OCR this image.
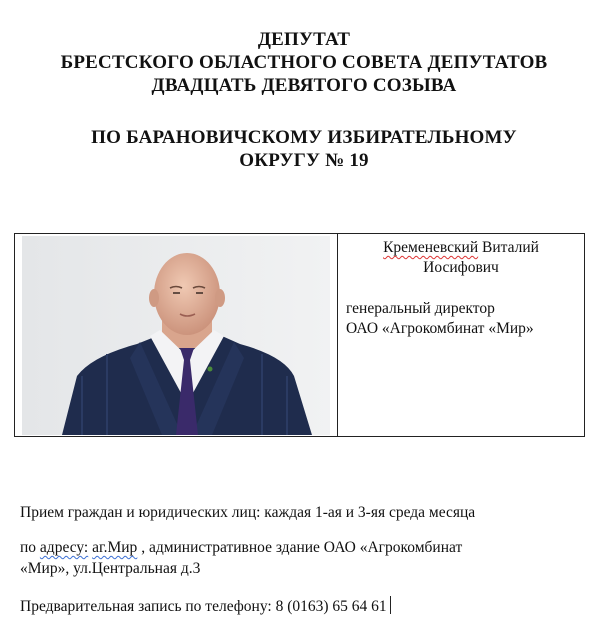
ДЕПУТАТ
БРЕСТСКОГО ОБЛАСТНОГО СОВЕТА ДЕПУТАТОВ
ДВАДЦАТЬ ДЕВЯТОГО СОЗЫВА
ПО БАРАНОВИЧСКОМУ ИЗБИРАТЕЛЬНОМУ
ОКРУГУ № 19
Кременевский Виталий
Иосифович
генеральный директор
ОАО «Агрокомбинат «Мир»
Прием граждан и юридических лиц: каждая 1-ая и 3-яя среда месяца
по адресу: аг.Мир , административное здание ОАО «Агрокомбинат
«Мир», ул.Центральная д.3
Предварительная запись по телефону: 8 (0163) 65 64 61
